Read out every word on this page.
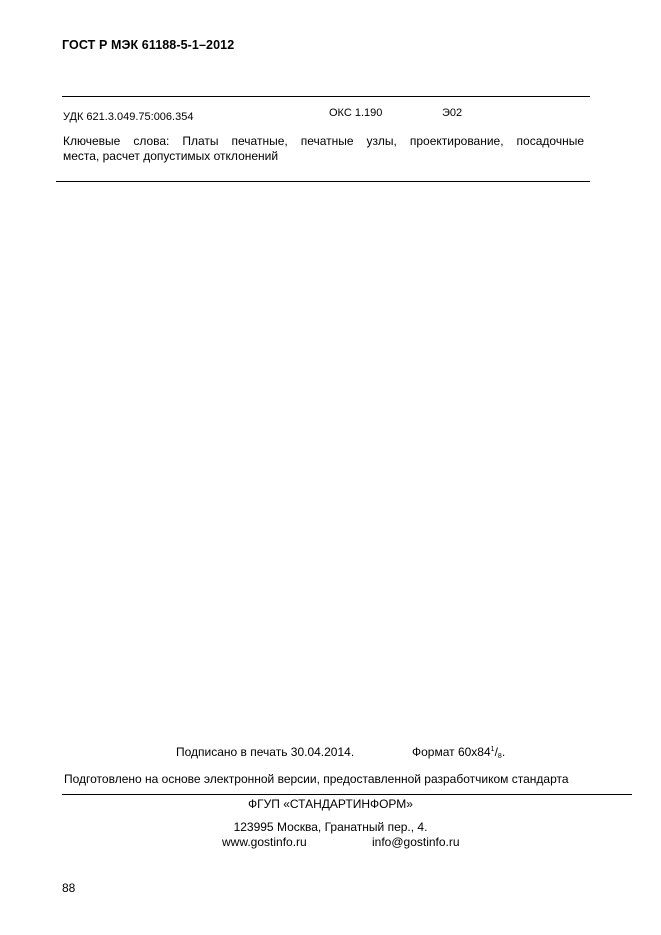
ГОСТ Р МЭК 61188-5-1–2012
УДК 621.3.049.75:006.354	ОКС 1.190	Э02
Ключевые слова: Платы печатные, печатные узлы, проектирование, посадочные
места, расчет допустимых отклонений
Подписано в печать 30.04.2014.	Формат $60х84^1/_8$.
Подготовлено на основе электронной версии, предоставленной разработчиком стандарта
ФГУП «СТАНДАРТИНФОРМ»
123995 Москва, Гранатный пер., 4.
www.gostinfo.ru	info@gostinfo.ru
88
